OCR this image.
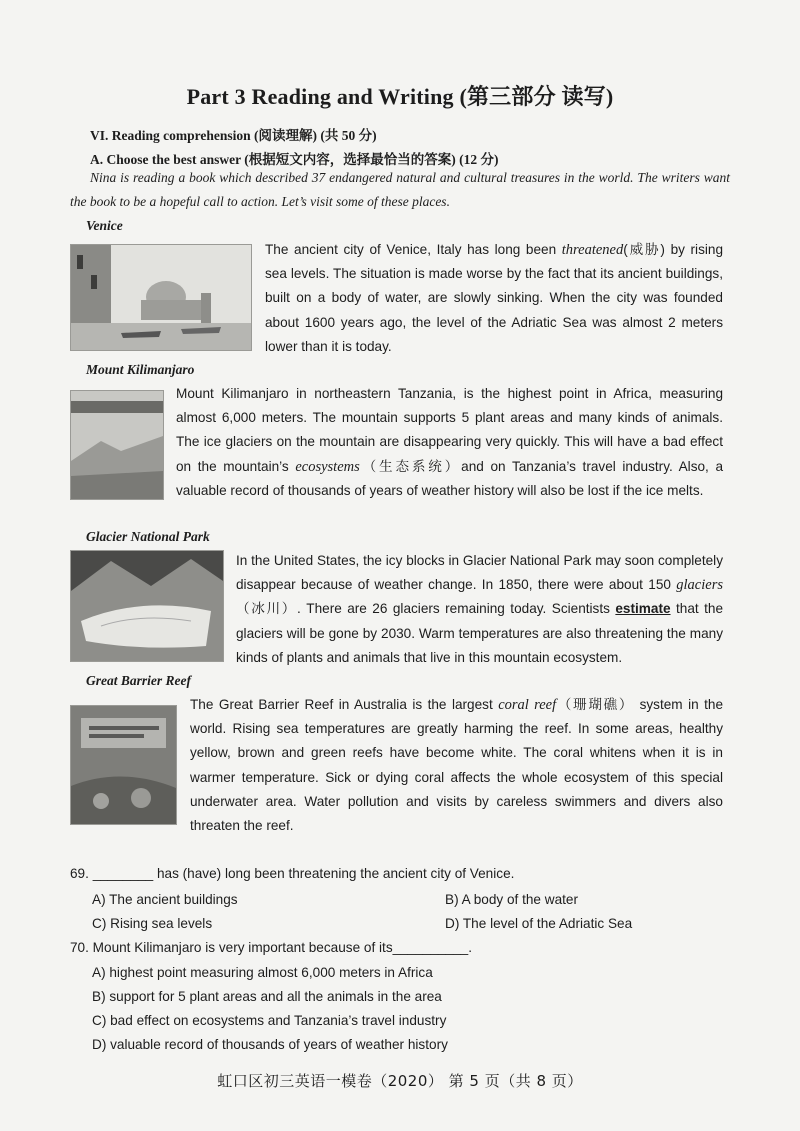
Part 3 Reading and Writing (第三部分 读写)
VI. Reading comprehension (阅读理解) (共 50 分)
A. Choose the best answer (根据短文内容，选择最恰当的答案) (12 分)
Nina is reading a book which described 37 endangered natural and cultural treasures in the world. The writers want the book to be a hopeful call to action. Let’s visit some of these places.
Venice
The ancient city of Venice, Italy has long been threatened(威胁) by rising sea levels. The situation is made worse by the fact that its ancient buildings, built on a body of water, are slowly sinking. When the city was founded about 1600 years ago, the level of the Adriatic Sea was almost 2 meters lower than it is today.
Mount Kilimanjaro
Mount Kilimanjaro in northeastern Tanzania, is the highest point in Africa, measuring almost 6,000 meters. The mountain supports 5 plant areas and many kinds of animals. The ice glaciers on the mountain are disappearing very quickly. This will have a bad effect on the mountain’s ecosystems（生态系统）and on Tanzania’s travel industry. Also, a valuable record of thousands of years of weather history will also be lost if the ice melts.
Glacier National Park
In the United States, the icy blocks in Glacier National Park may soon completely disappear because of weather change. In 1850, there were about 150 glaciers（冰川）. There are 26 glaciers remaining today. Scientists estimate that the glaciers will be gone by 2030. Warm temperatures are also threatening the many kinds of plants and animals that live in this mountain ecosystem.
Great Barrier Reef
The Great Barrier Reef in Australia is the largest coral reef（珊瑚礁） system in the world. Rising sea temperatures are greatly harming the reef. In some areas, healthy yellow, brown and green reefs have become white. The coral whitens when it is in warmer temperature. Sick or dying coral affects the whole ecosystem of this special underwater area. Water pollution and visits by careless swimmers and divers also threaten the reef.
69. ________ has (have) long been threatening the ancient city of Venice.
A) The ancient buildings	B) A body of the water
C) Rising sea levels	D) The level of the Adriatic Sea
70. Mount Kilimanjaro is very important because of its__________.
A) highest point measuring almost 6,000 meters in Africa
B) support for 5 plant areas and all the animals in the area
C) bad effect on ecosystems and Tanzania’s travel industry
D) valuable record of thousands of years of weather history
虹口区初三英语一模卷（2020） 第 5 页（共 8 页）
